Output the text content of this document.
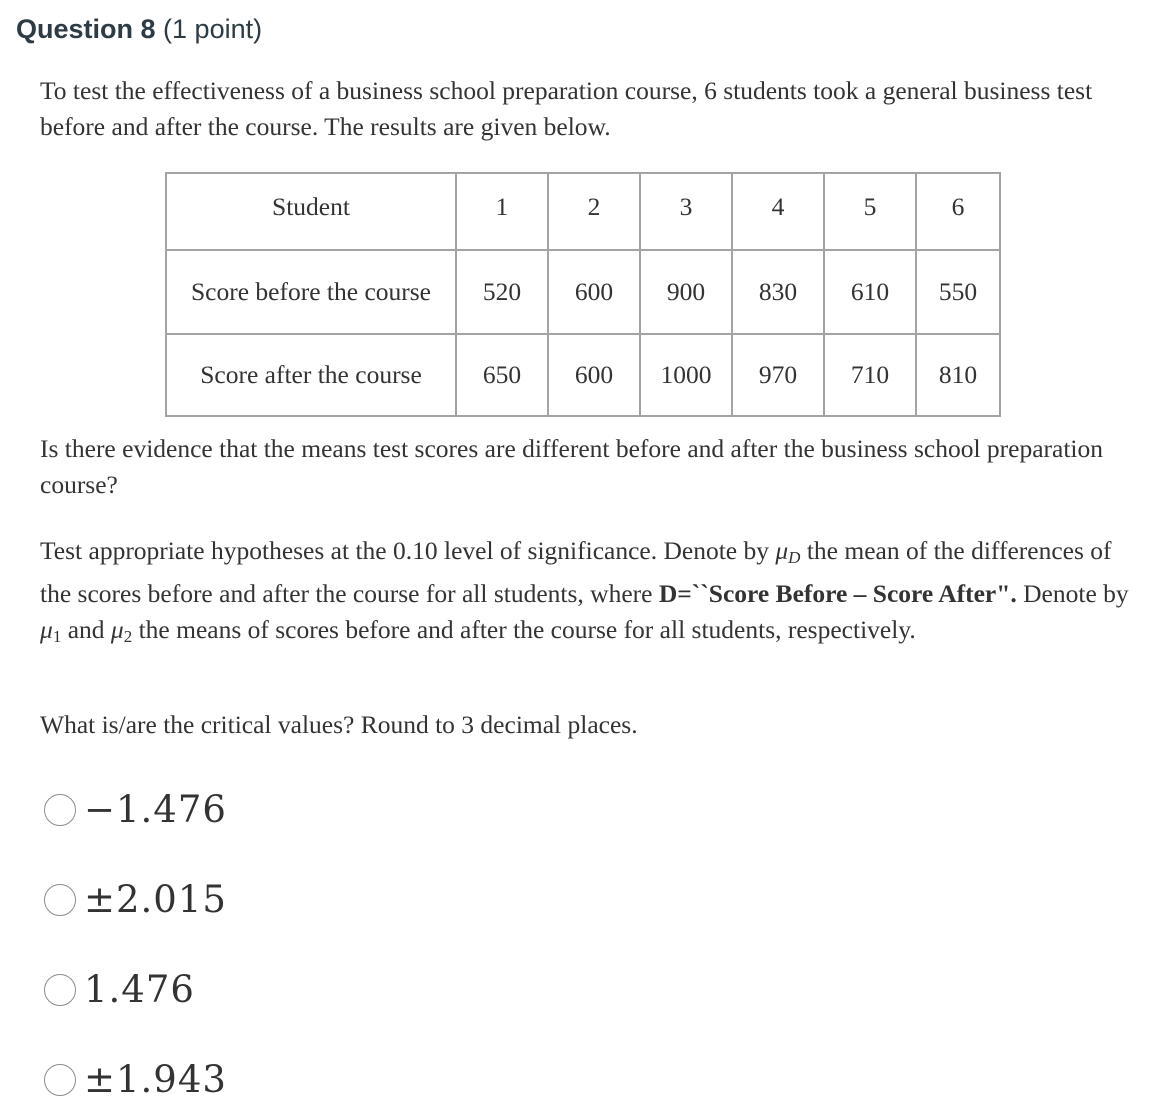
Question 8 (1 point)

To test the effectiveness of a business school preparation course, 6 students took a general business test before and after the course. The results are given below.

Student	1	2	3	4	5	6
Score before the course	520	600	900	830	610	550
Score after the course	650	600	1000	970	710	810

Is there evidence that the means test scores are different before and after the business school preparation course?

Test appropriate hypotheses at the 0.10 level of significance. Denote by $\mu_D$ the mean of the differences of the scores before and after the course for all students, where D=``Score Before – Score After". Denote by $\mu_1$ and $\mu_2$ the means of scores before and after the course for all students, respectively.

What is/are the critical values? Round to 3 decimal places.

−1.476
±2.015
1.476
±1.943
